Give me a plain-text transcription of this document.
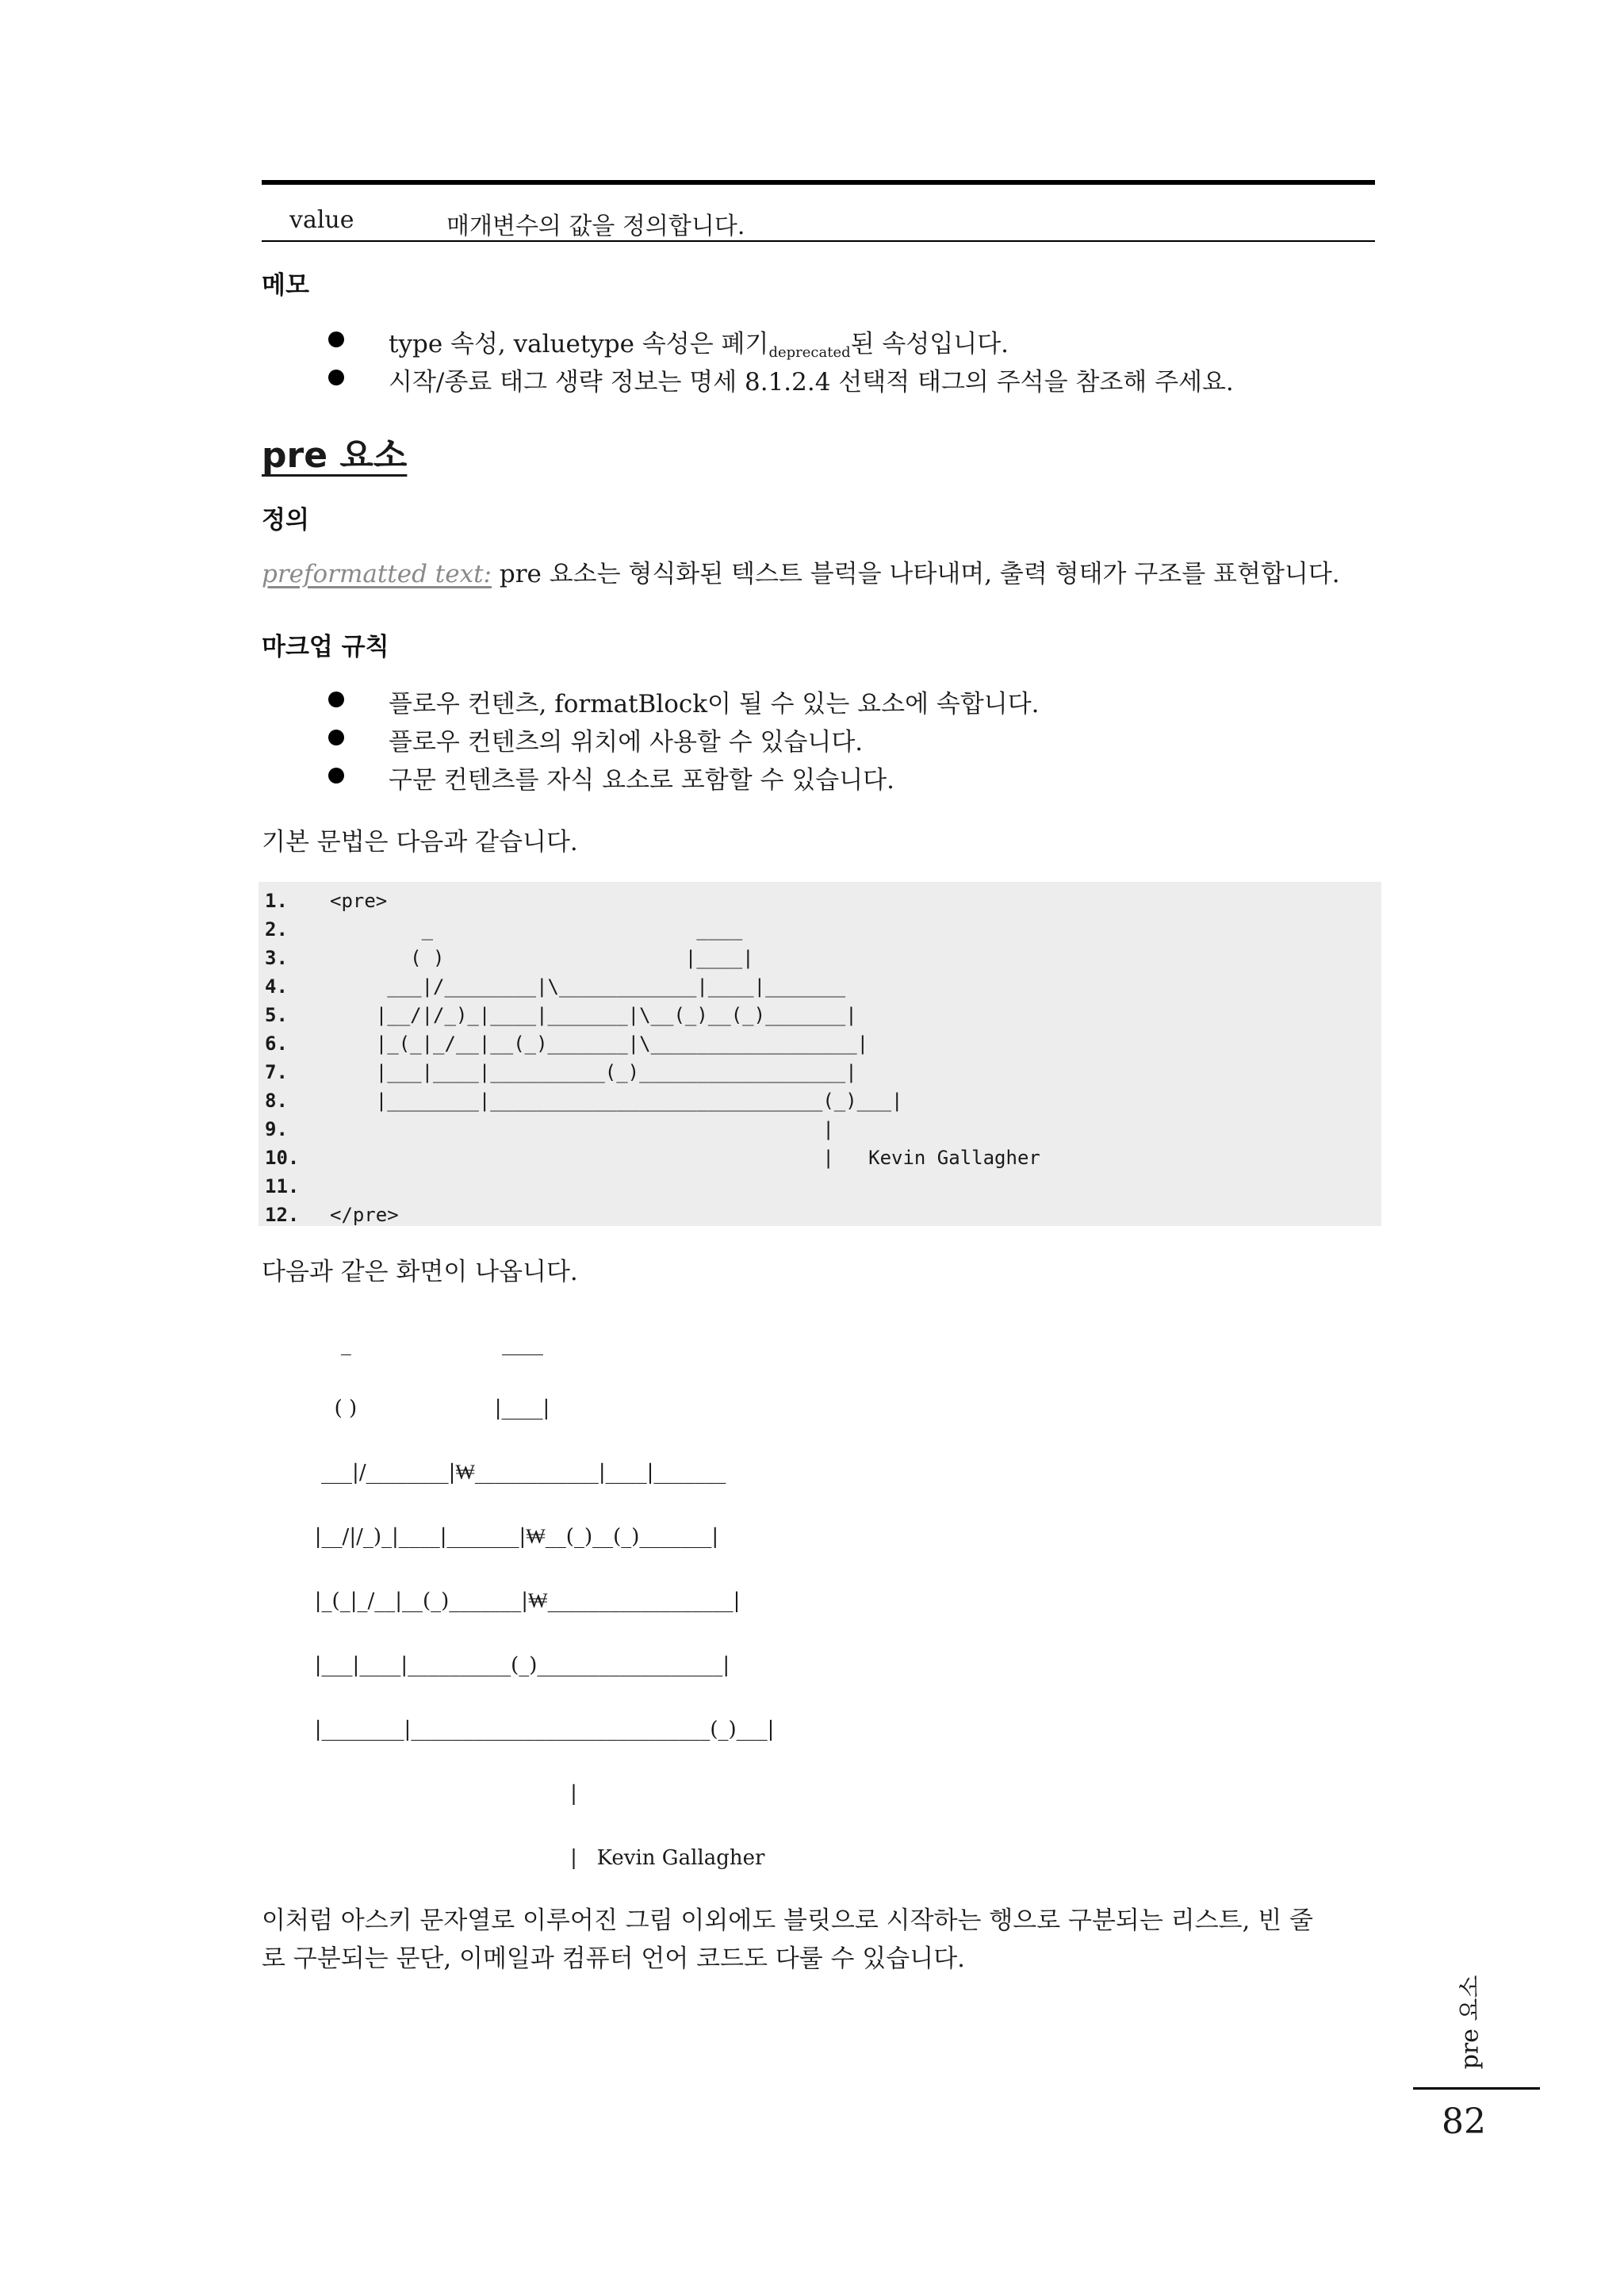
value	매개변수의 값을 정의합니다.
메모
type 속성, valuetype 속성은 폐기$_{deprecated}$된 속성입니다.
시작/종료 태그 생략 정보는 명세 8.1.2.4 선택적 태그의 주석을 참조해 주세요.
pre 요소
정의
preformatted text: pre 요소는 형식화된 텍스트 블럭을 나타내며, 출력 형태가 구조를 표현합니다.
마크업 규칙
플로우 컨텐츠, formatBlock이 될 수 있는 요소에 속합니다.
플로우 컨텐츠의 위치에 사용할 수 있습니다.
구문 컨텐츠를 자식 요소로 포함할 수 있습니다.
기본 문법은 다음과 같습니다.
1. <pre>
2.        _                       ____
3.       ( )                     |____|
4.     ___|/________|\____________|____|_______
5.    |__/|/_)_|____|_______|\__(_)__(_)_______|
6.    |_(_|_/__|__(_)_______|\__________________|
7.    |___|____|__________(_)__________________|
8.    |________|_____________________________(_)___|
9.                                           |
10.                                           |   Kevin Gallagher
11.
12. </pre>
다음과 같은 화면이 나옵니다.
_                       ____
( )                     |____|
___|/________|₩____________|____|_______
|__/|/_)_|____|_______|₩__(_)__(_)_______|
|_(_|_/__|__(_)_______|₩__________________|
|___|____|__________(_)__________________|
|________|_____________________________(_)___|
|
|   Kevin Gallagher
이처럼 아스키 문자열로 이루어진 그림 이외에도 블릿으로 시작하는 행으로 구분되는 리스트, 빈 줄
로 구분되는 문단, 이메일과 컴퓨터 언어 코드도 다룰 수 있습니다.
pre 요소
82
